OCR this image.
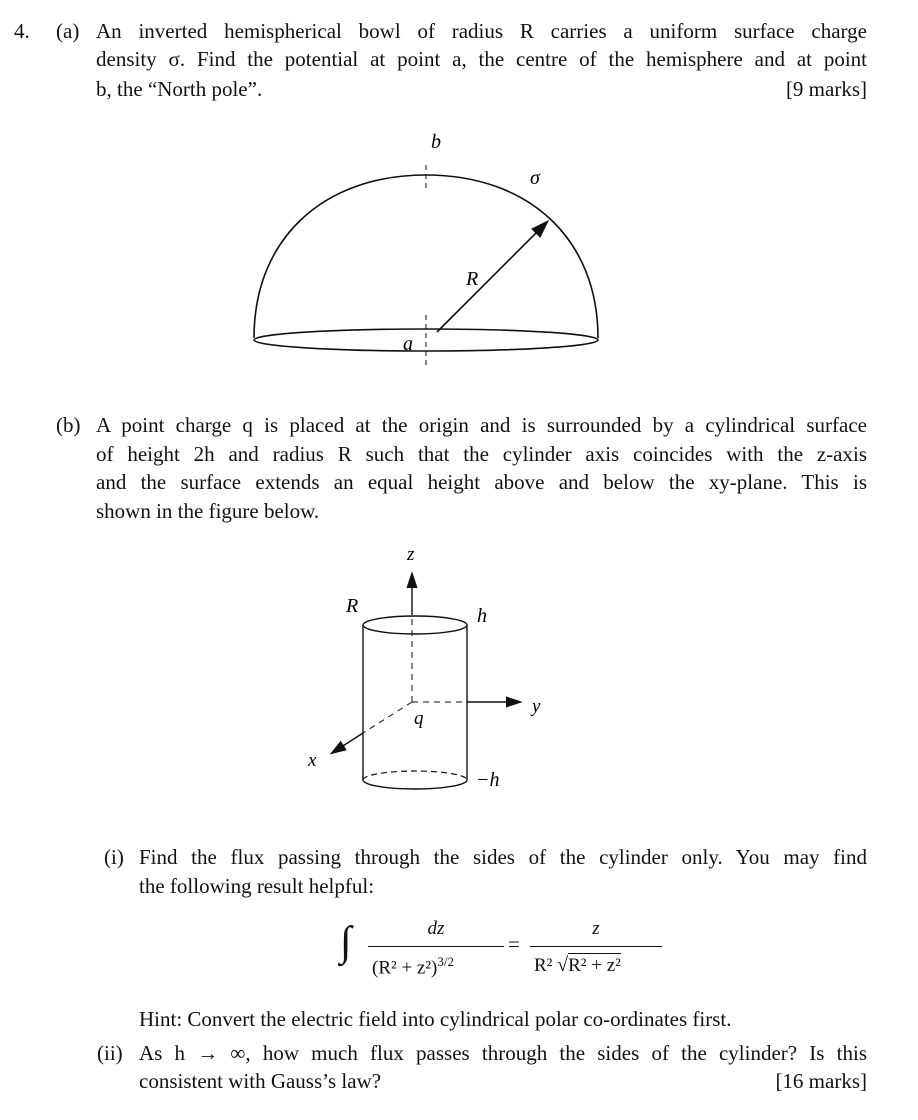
4. (a) An inverted hemispherical bowl of radius R carries a uniform surface charge
density σ. Find the potential at point a, the centre of the hemisphere and at point
b, the “North pole”.	[9 marks]
b
σ
R
a
(b) A point charge q is placed at the origin and is surrounded by a cylindrical surface
of height 2h and radius R such that the cylinder axis coincides with the z-axis
and the surface extends an equal height above and below the xy-plane. This is
shown in the figure below.
z
R	h
y
q
x
−h
(i) Find the flux passing through the sides of the cylinder only. You may find
the following result helpful:
∫	dz
$(R^2 + z^2)^{3/2}$
=
z
R² √R² + z²
Hint: Convert the electric field into cylindrical polar co-ordinates first.
(ii) As h → ∞, how much flux passes through the sides of the cylinder? Is this
consistent with Gauss’s law?	[16 marks]
